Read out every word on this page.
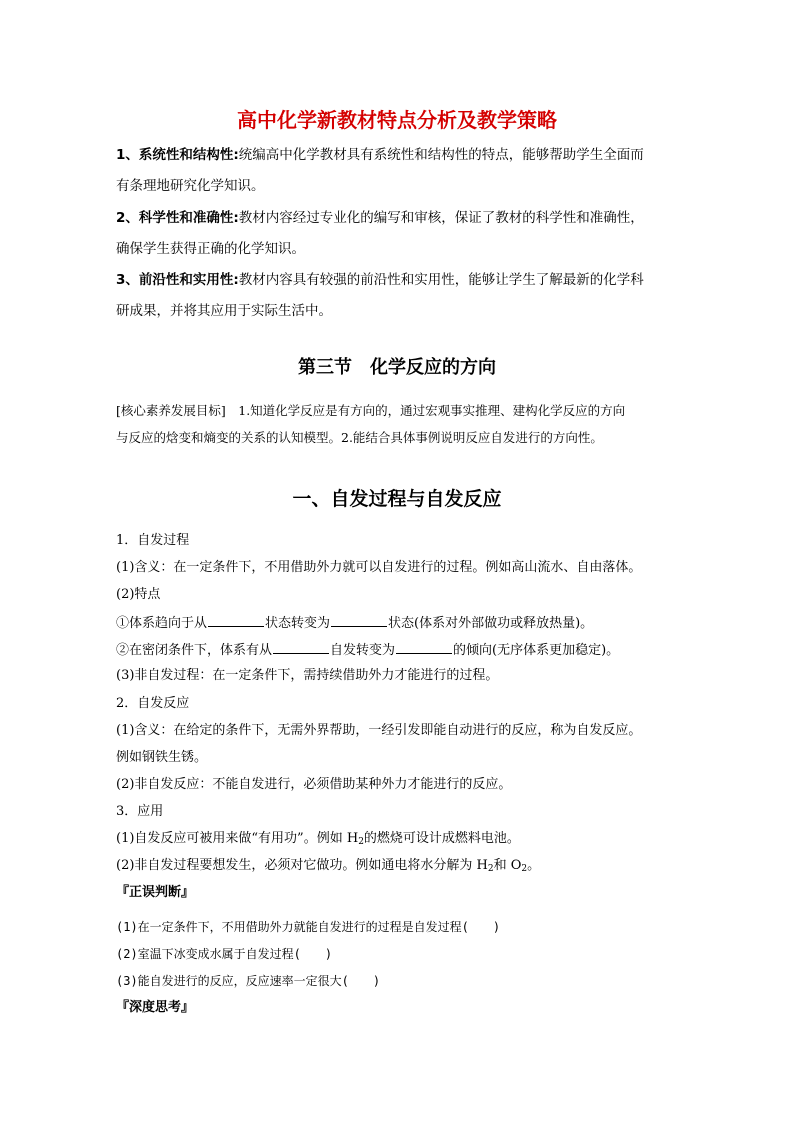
高中化学新教材特点分析及教学策略
1、系统性和结构性:统编高中化学教材具有系统性和结构性的特点，能够帮助学生全面而
有条理地研究化学知识。
2、科学性和准确性:教材内容经过专业化的编写和审核，保证了教材的科学性和准确性，
确保学生获得正确的化学知识。
3、前沿性和实用性:教材内容具有较强的前沿性和实用性，能够让学生了解最新的化学科
研成果，并将其应用于实际生活中。
第三节　化学反应的方向
[核心素养发展目标]　1.知道化学反应是有方向的，通过宏观事实推理、建构化学反应的方向
与反应的焓变和熵变的关系的认知模型。2.能结合具体事例说明反应自发进行的方向性。
一、自发过程与自发反应
1．自发过程
(1)含义：在一定条件下，不用借助外力就可以自发进行的过程。例如高山流水、自由落体。
(2)特点
①体系趋向于从	状态转变为	状态(体系对外部做功或释放热量)。
②在密闭条件下，体系有从	自发转变为	的倾向(无序体系更加稳定)。
(3)非自发过程：在一定条件下，需持续借助外力才能进行的过程。
2．自发反应
(1)含义：在给定的条件下，无需外界帮助，一经引发即能自动进行的反应，称为自发反应。
例如钢铁生锈。
(2)非自发反应：不能自发进行，必须借助某种外力才能进行的反应。
3．应用
(1)自发反应可被用来做“有用功”。例如 $H_2$的燃烧可设计成燃料电池。
(2)非自发过程要想发生，必须对它做功。例如通电将水分解为 $H_2$和 $O_2$。
『正误判断』
(1)在一定条件下，不用借助外力就能自发进行的过程是自发过程(　　)
(2)室温下冰变成水属于自发过程(　　)
(3)能自发进行的反应，反应速率一定很大(　　)
『深度思考』
